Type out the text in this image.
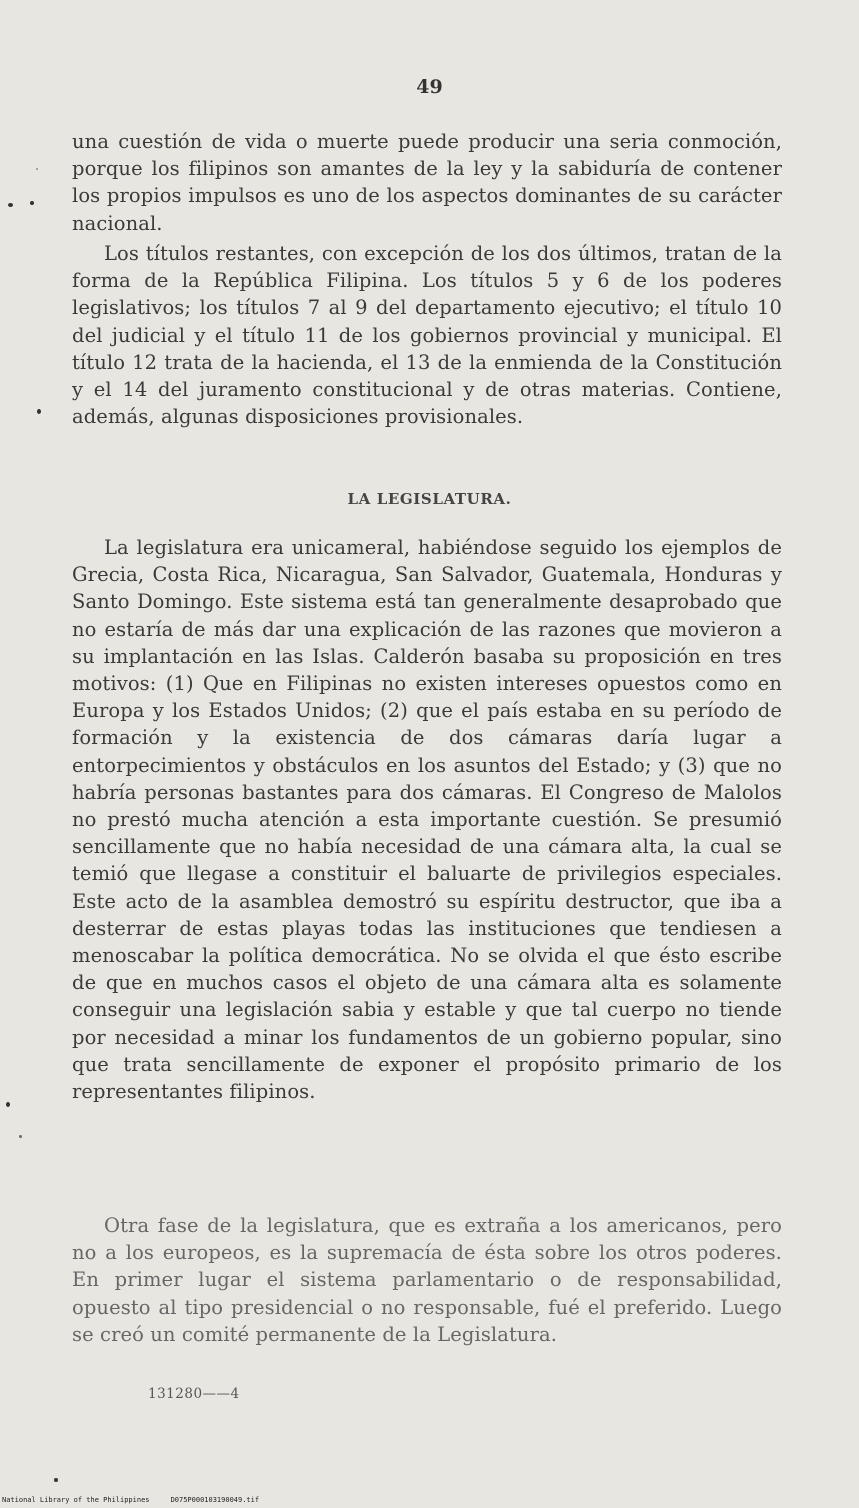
49

una cuestión de vida o muerte puede producir una seria conmoción, porque los filipinos son amantes de la ley y la sabiduría de contener los propios impulsos es uno de los aspectos dominantes de su carácter nacional.

Los títulos restantes, con excepción de los dos últimos, tratan de la forma de la República Filipina. Los títulos 5 y 6 de los poderes legislativos; los títulos 7 al 9 del departamento ejecutivo; el título 10 del judicial y el título 11 de los gobiernos provincial y municipal. El título 12 trata de la hacienda, el 13 de la enmienda de la Constitución y el 14 del juramento constitucional y de otras materias. Contiene, además, algunas disposiciones provisionales.

LA LEGISLATURA.

La legislatura era unicameral, habiéndose seguido los ejemplos de Grecia, Costa Rica, Nicaragua, San Salvador, Guatemala, Honduras y Santo Domingo. Este sistema está tan generalmente desaprobado que no estaría de más dar una explicación de las razones que movieron a su implantación en las Islas. Calderón basaba su proposición en tres motivos: (1) Que en Filipinas no existen intereses opuestos como en Europa y los Estados Unidos; (2) que el país estaba en su período de formación y la existencia de dos cámaras daría lugar a entorpecimientos y obstáculos en los asuntos del Estado; y (3) que no habría personas bastantes para dos cámaras. El Congreso de Malolos no prestó mucha atención a esta importante cuestión. Se presumió sencillamente que no había necesidad de una cámara alta, la cual se temió que llegase a constituir el baluarte de privilegios especiales. Este acto de la asamblea demostró su espíritu destructor, que iba a desterrar de estas playas todas las instituciones que tendiesen a menoscabar la política democrática. No se olvida el que ésto escribe de que en muchos casos el objeto de una cámara alta es solamente conseguir una legislación sabia y estable y que tal cuerpo no tiende por necesidad a minar los fundamentos de un gobierno popular, sino que trata sencillamente de exponer el propósito primario de los representantes filipinos.

Otra fase de la legislatura, que es extraña a los americanos, pero no a los europeos, es la supremacía de ésta sobre los otros poderes. En primer lugar el sistema parlamentario o de responsabilidad, opuesto al tipo presidencial o no responsable, fué el preferido. Luego se creó un comité permanente de la Legislatura.

131280——4
National Library of the Philippines     D075P000103190049.tif
